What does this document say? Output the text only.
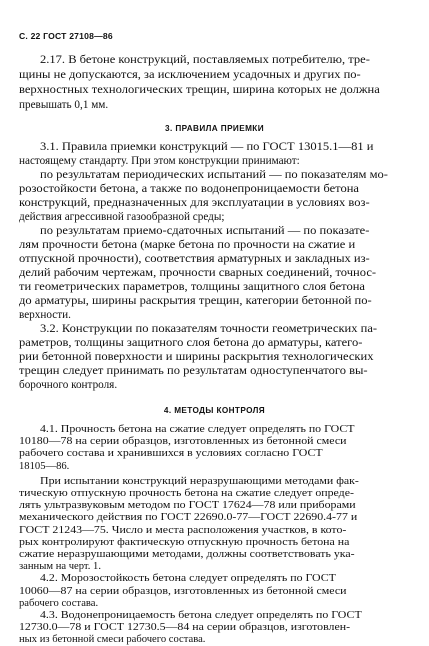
С. 22 ГОСТ 27108—86

2.17. В бетоне конструкций, поставляемых потребителю, тре-

щины не допускаются, за исключением усадочных и других по-

верхностных технологических трещин, ширина которых не должна

превышать 0,1 мм.

3. ПРАВИЛА ПРИЕМКИ

3.1. Правила приемки конструкций — по ГОСТ 13015.1—81 и

настоящему стандарту. При этом конструкции принимают:

по результатам периодических испытаний — по показателям мо-

розостойкости бетона, а также по водонепроницаемости бетона

конструкций, предназначенных для эксплуатации в условиях воз-

действия агрессивной газообразной среды;

по результатам приемо-сдаточных испытаний — по показате-

лям прочности бетона (марке бетона по прочности на сжатие и

отпускной прочности), соответствия арматурных и закладных из-

делий рабочим чертежам, прочности сварных соединений, точнос-

ти геометрических параметров, толщины защитного слоя бетона

до арматуры, ширины раскрытия трещин, категории бетонной по-

верхности.

3.2. Конструкции по показателям точности геометрических па-

раметров, толщины защитного слоя бетона до арматуры, катего-

рии бетонной поверхности и ширины раскрытия технологических

трещин следует принимать по результатам одноступенчатого вы-

борочного контроля.

4. МЕТОДЫ КОНТРОЛЯ

4.1. Прочность бетона на сжатие следует определять по ГОСТ

10180—78 на серии образцов, изготовленных из бетонной смеси

рабочего состава и хранившихся в условиях согласно ГОСТ

18105—86.

При испытании конструкций неразрушающими методами фак-

тическую отпускную прочность бетона на сжатие следует опреде-

лять ультразвуковым методом по ГОСТ 17624—78 или приборами

механического действия по ГОСТ 22690.0-77—ГОСТ 22690.4-77 и

ГОСТ 21243—75. Число и места расположения участков, в кото-

рых контролируют фактическую отпускную прочность бетона на

сжатие неразрушающими методами, должны соответствовать ука-

занным на черт. 1.

4.2. Морозостойкость бетона следует определять по ГОСТ

10060—87 на серии образцов, изготовленных из бетонной смеси

рабочего состава.

4.3. Водонепроницаемость бетона следует определять по ГОСТ

12730.0—78 и ГОСТ 12730.5—84 на серии образцов, изготовлен-

ных из бетонной смеси рабочего состава.
